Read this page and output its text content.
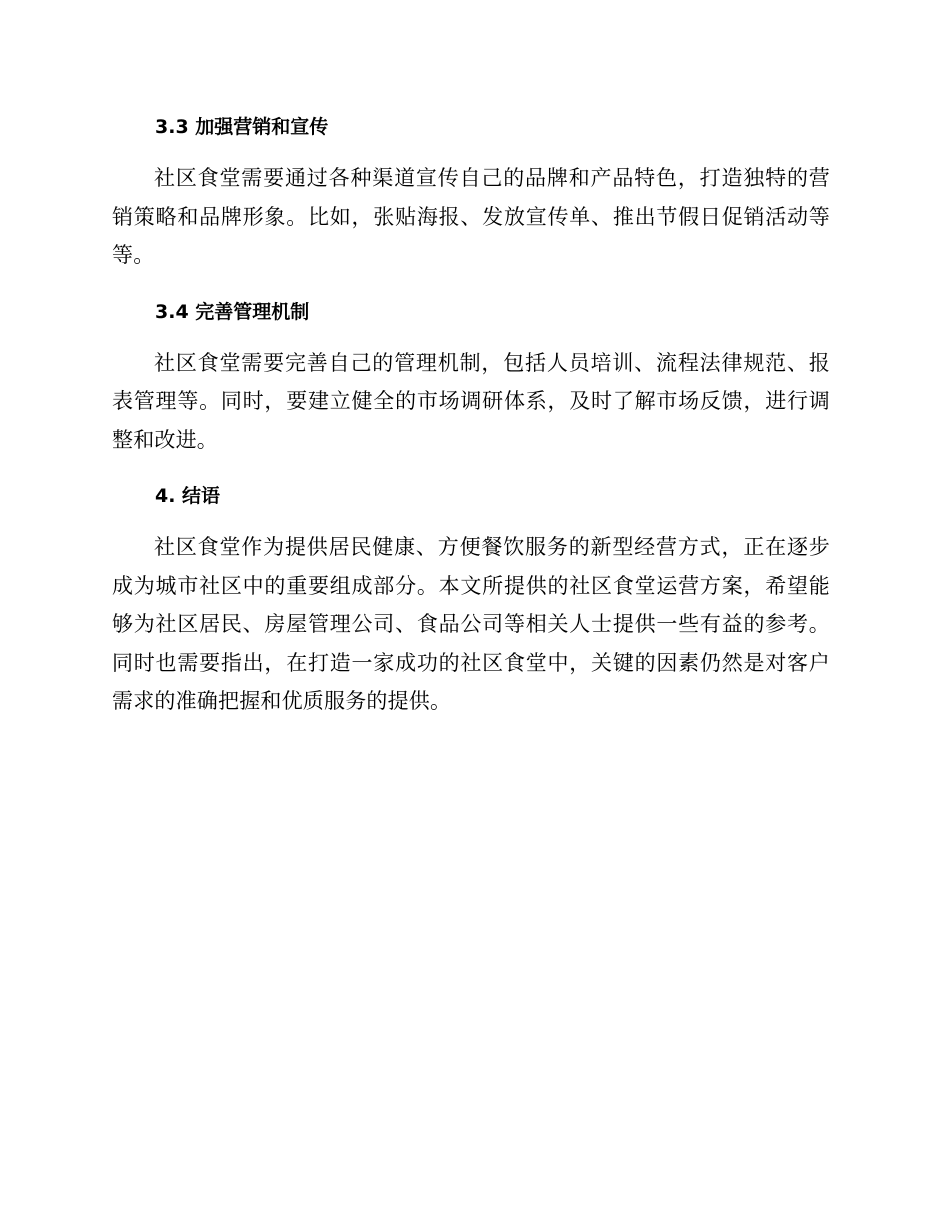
3.3 加强营销和宣传

社区食堂需要通过各种渠道宣传自己的品牌和产品特色，打造独特的营销策略和品牌形象。比如，张贴海报、发放宣传单、推出节假日促销活动等等。

3.4 完善管理机制

社区食堂需要完善自己的管理机制，包括人员培训、流程法律规范、报表管理等。同时，要建立健全的市场调研体系，及时了解市场反馈，进行调整和改进。

4. 结语

社区食堂作为提供居民健康、方便餐饮服务的新型经营方式，正在逐步成为城市社区中的重要组成部分。本文所提供的社区食堂运营方案，希望能够为社区居民、房屋管理公司、食品公司等相关人士提供一些有益的参考。同时也需要指出，在打造一家成功的社区食堂中，关键的因素仍然是对客户需求的准确把握和优质服务的提供。
